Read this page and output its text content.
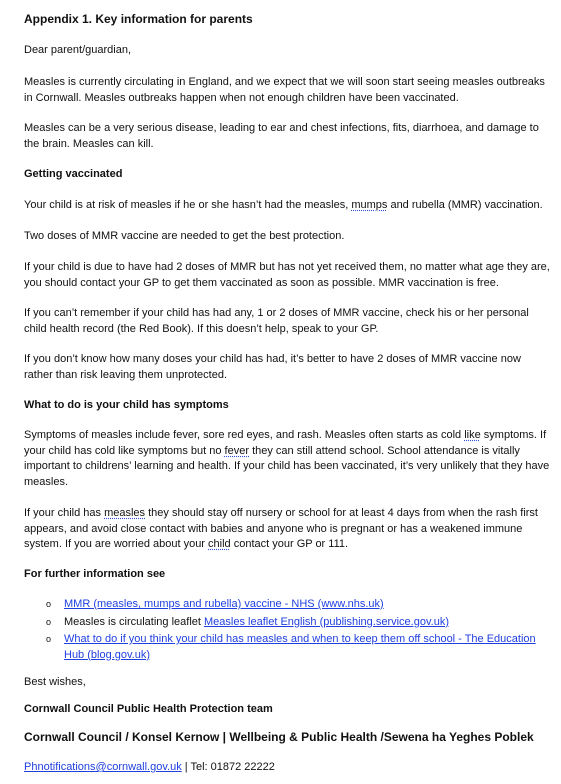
Appendix 1. Key information for parents

Dear parent/guardian,

Measles is currently circulating in England, and we expect that we will soon start seeing measles outbreaks in Cornwall. Measles outbreaks happen when not enough children have been vaccinated.

Measles can be a very serious disease, leading to ear and chest infections, fits, diarrhoea, and damage to the brain. Measles can kill.

Getting vaccinated

Your child is at risk of measles if he or she hasn’t had the measles, mumps and rubella (MMR) vaccination.

Two doses of MMR vaccine are needed to get the best protection.

If your child is due to have had 2 doses of MMR but has not yet received them, no matter what age they are, you should contact your GP to get them vaccinated as soon as possible. MMR vaccination is free.

If you can’t remember if your child has had any, 1 or 2 doses of MMR vaccine, check his or her personal child health record (the Red Book). If this doesn’t help, speak to your GP.

If you don’t know how many doses your child has had, it’s better to have 2 doses of MMR vaccine now rather than risk leaving them unprotected.

What to do is your child has symptoms

Symptoms of measles include fever, sore red eyes, and rash. Measles often starts as cold like symptoms. If your child has cold like symptoms but no fever they can still attend school. School attendance is vitally important to childrens’ learning and health. If your child has been vaccinated, it’s very unlikely that they have measles.

If your child has measles they should stay off nursery or school for at least 4 days from when the rash first appears, and avoid close contact with babies and anyone who is pregnant or has a weakened immune system. If you are worried about your child contact your GP or 111.

For further information see

o MMR (measles, mumps and rubella) vaccine - NHS (www.nhs.uk)
o Measles is circulating leaflet Measles leaflet English (publishing.service.gov.uk)
o What to do if you think your child has measles and when to keep them off school - The Education Hub (blog.gov.uk)

Best wishes,

Cornwall Council Public Health Protection team

Cornwall Council / Konsel Kernow | Wellbeing & Public Health /Sewena ha Yeghes Poblek

Phnotifications@cornwall.gov.uk | Tel: 01872 22222
